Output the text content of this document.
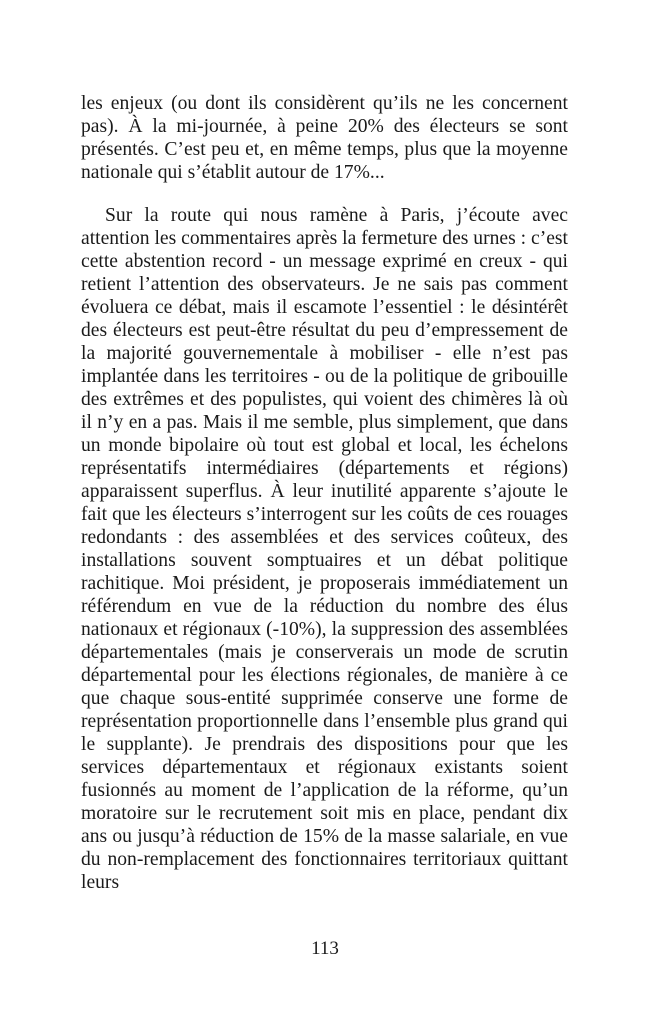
les enjeux (ou dont ils considèrent qu’ils ne les concernent pas). À la mi-journée, à peine 20% des électeurs se sont présentés. C’est peu et, en même temps, plus que la moyenne nationale qui s’établit autour de 17%...

Sur la route qui nous ramène à Paris, j’écoute avec attention les commentaires après la fermeture des urnes : c’est cette abstention record - un message exprimé en creux - qui retient l’attention des observateurs. Je ne sais pas comment évoluera ce débat, mais il escamote l’essentiel : le désintérêt des électeurs est peut-être résultat du peu d’empressement de la majorité gouvernementale à mobiliser - elle n’est pas implantée dans les territoires - ou de la politique de gribouille des extrêmes et des populistes, qui voient des chimères là où il n’y en a pas. Mais il me semble, plus simplement, que dans un monde bipolaire où tout est global et local, les échelons représentatifs intermédiaires (départements et régions) apparaissent superflus. À leur inutilité apparente s’ajoute le fait que les électeurs s’interrogent sur les coûts de ces rouages redondants : des assemblées et des services coûteux, des installations souvent somptuaires et un débat politique rachitique. Moi président, je proposerais immédiatement un référendum en vue de la réduction du nombre des élus nationaux et régionaux (-10%), la suppression des assemblées départementales (mais je conserverais un mode de scrutin départemental pour les élections régionales, de manière à ce que chaque sous-entité supprimée conserve une forme de représentation proportionnelle dans l’ensemble plus grand qui le supplante). Je prendrais des dispositions pour que les services départementaux et régionaux existants soient fusionnés au moment de l’application de la réforme, qu’un moratoire sur le recrutement soit mis en place, pendant dix ans ou jusqu’à réduction de 15% de la masse salariale, en vue du non-remplacement des fonctionnaires territoriaux quittant leurs

113
